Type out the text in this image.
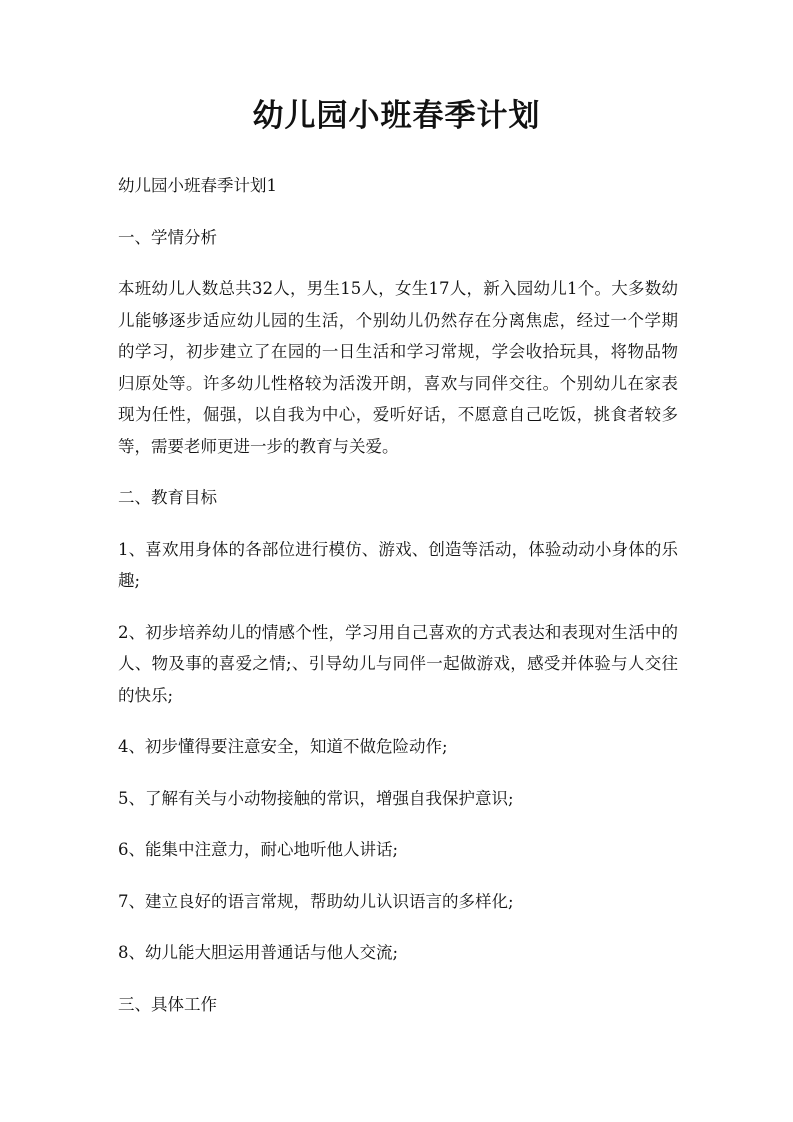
幼儿园小班春季计划

幼儿园小班春季计划1

一、学情分析

本班幼儿人数总共32人，男生15人，女生17人，新入园幼儿1个。大多数幼儿能够逐步适应幼儿园的生活，个别幼儿仍然存在分离焦虑，经过一个学期的学习，初步建立了在园的一日生活和学习常规，学会收拾玩具，将物品物归原处等。许多幼儿性格较为活泼开朗，喜欢与同伴交往。个别幼儿在家表现为任性，倔强，以自我为中心，爱听好话，不愿意自己吃饭，挑食者较多等，需要老师更进一步的教育与关爱。

二、教育目标

1、喜欢用身体的各部位进行模仿、游戏、创造等活动，体验动动小身体的乐趣;

2、初步培养幼儿的情感个性，学习用自己喜欢的方式表达和表现对生活中的人、物及事的喜爱之情;、引导幼儿与同伴一起做游戏，感受并体验与人交往的快乐;

4、初步懂得要注意安全，知道不做危险动作;

5、了解有关与小动物接触的常识，增强自我保护意识;

6、能集中注意力，耐心地听他人讲话;

7、建立良好的语言常规，帮助幼儿认识语言的多样化;

8、幼儿能大胆运用普通话与他人交流;

三、具体工作
